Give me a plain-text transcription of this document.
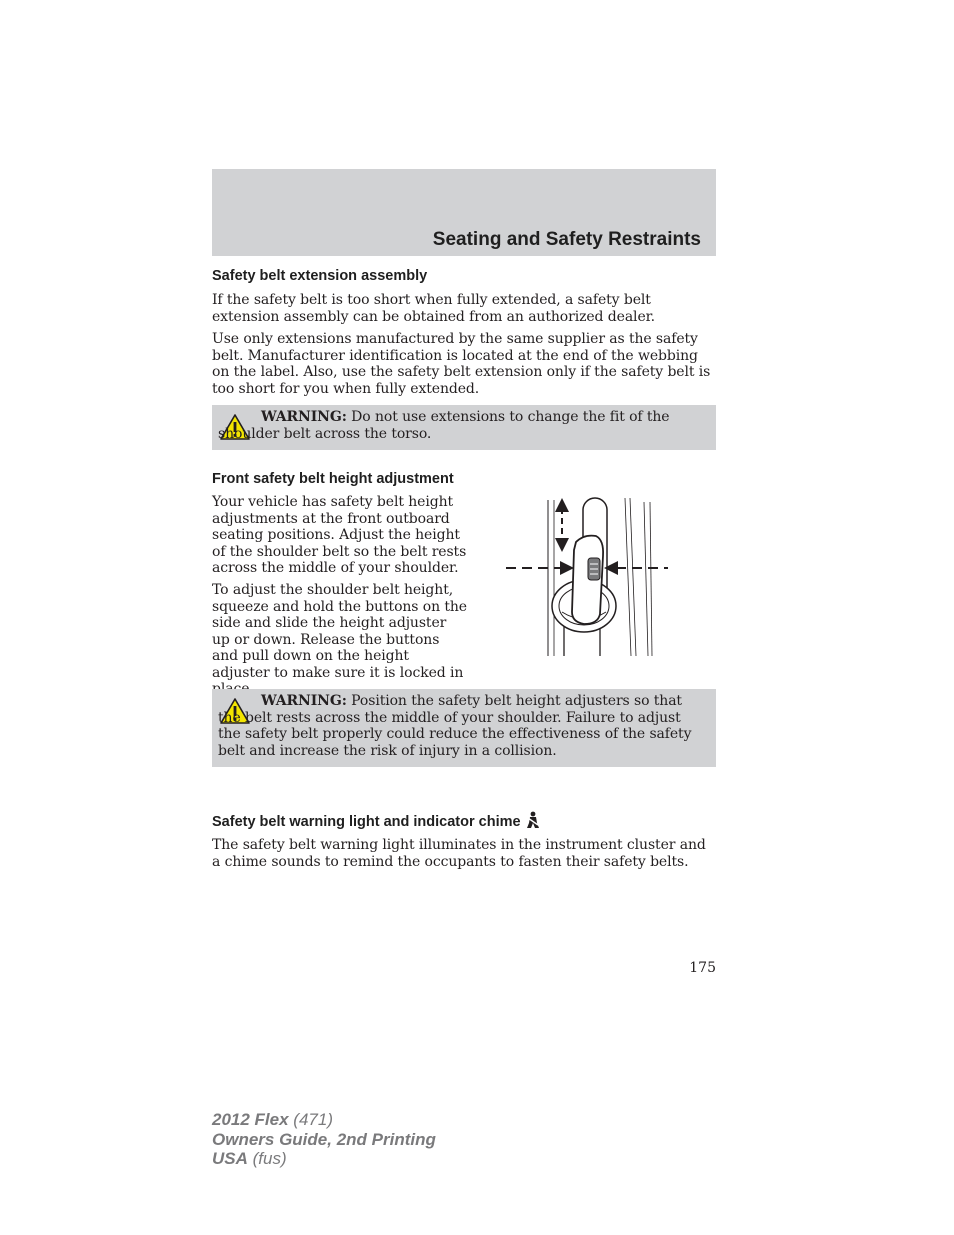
Seating and Safety Restraints
Safety belt extension assembly
If the safety belt is too short when fully extended, a safety belt extension assembly can be obtained from an authorized dealer.
Use only extensions manufactured by the same supplier as the safety belt. Manufacturer identification is located at the end of the webbing on the label. Also, use the safety belt extension only if the safety belt is too short for you when fully extended.
WARNING: Do not use extensions to change the fit of the shoulder belt across the torso.
Front safety belt height adjustment
Your vehicle has safety belt height adjustments at the front outboard seating positions. Adjust the height of the shoulder belt so the belt rests across the middle of your shoulder.
To adjust the shoulder belt height, squeeze and hold the buttons on the side and slide the height adjuster up or down. Release the buttons and pull down on the height adjuster to make sure it is locked in
WARNING: Position the safety belt height adjusters so that the belt rests across the middle of your shoulder. Failure to adjust the safety belt properly could reduce the effectiveness of the safety belt and increase the risk of injury in a collision.
Safety belt warning light and indicator chime
The safety belt warning light illuminates in the instrument cluster and a chime sounds to remind the occupants to fasten their safety belts.
175
2012 Flex (471)
Owners Guide, 2nd Printing
USA (fus)
